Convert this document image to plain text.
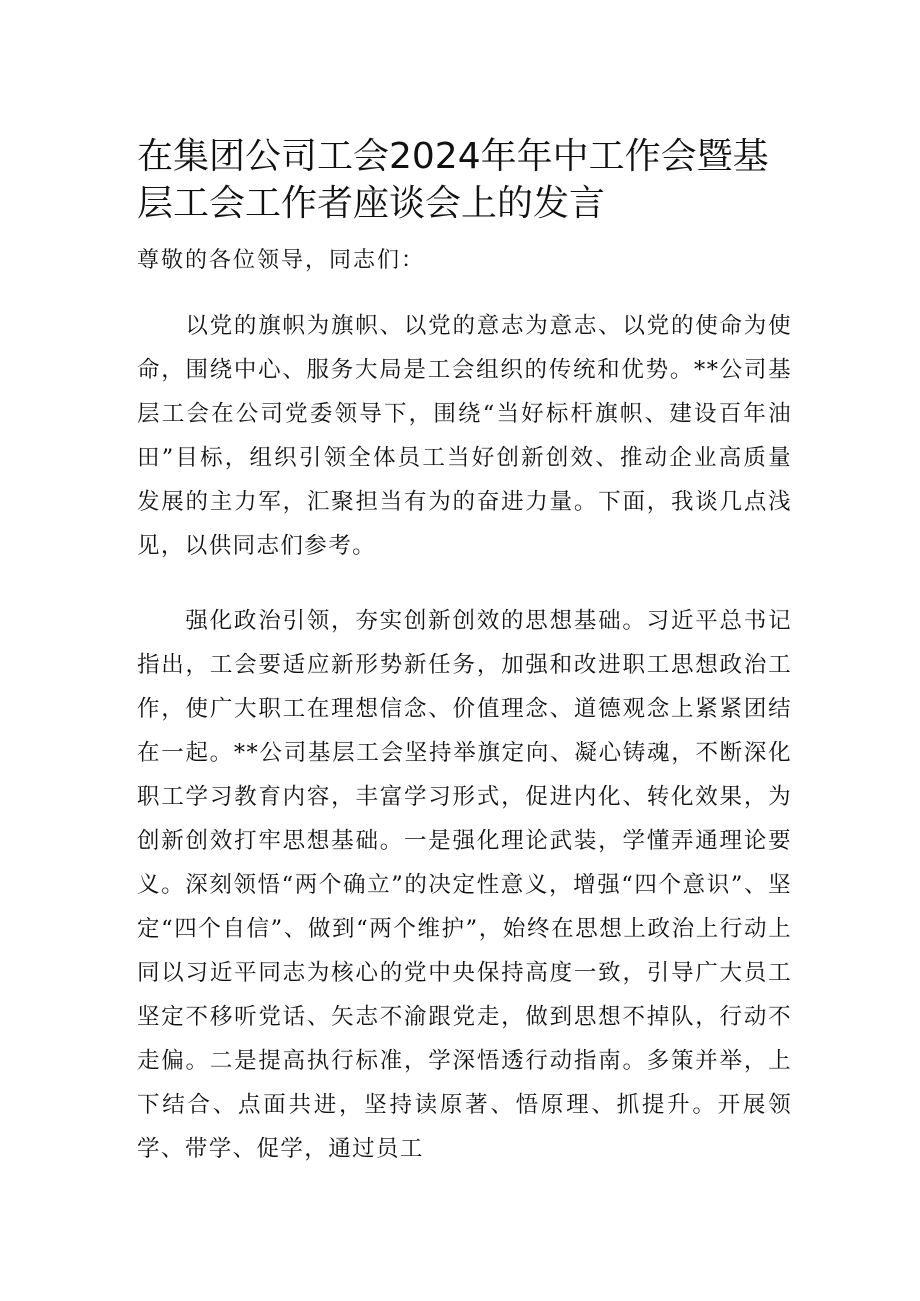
在集团公司工会2024年年中工作会暨基层工会工作者座谈会上的发言

尊敬的各位领导，同志们：

以党的旗帜为旗帜、以党的意志为意志、以党的使命为使命，围绕中心、服务大局是工会组织的传统和优势。**公司基层工会在公司党委领导下，围绕“当好标杆旗帜、建设百年油田”目标，组织引领全体员工当好创新创效、推动企业高质量发展的主力军，汇聚担当有为的奋进力量。下面，我谈几点浅见，以供同志们参考。

强化政治引领，夯实创新创效的思想基础。习近平总书记指出，工会要适应新形势新任务，加强和改进职工思想政治工作，使广大职工在理想信念、价值理念、道德观念上紧紧团结在一起。**公司基层工会坚持举旗定向、凝心铸魂，不断深化职工学习教育内容，丰富学习形式，促进内化、转化效果，为创新创效打牢思想基础。一是强化理论武装，学懂弄通理论要义。深刻领悟“两个确立”的决定性意义，增强“四个意识”、坚定“四个自信”、做到“两个维护”，始终在思想上政治上行动上同以习近平同志为核心的党中央保持高度一致，引导广大员工坚定不移听党话、矢志不渝跟党走，做到思想不掉队，行动不走偏。二是提高执行标准，学深悟透行动指南。多策并举，上下结合、点面共进，坚持读原著、悟原理、抓提升。开展领学、带学、促学，通过员工
